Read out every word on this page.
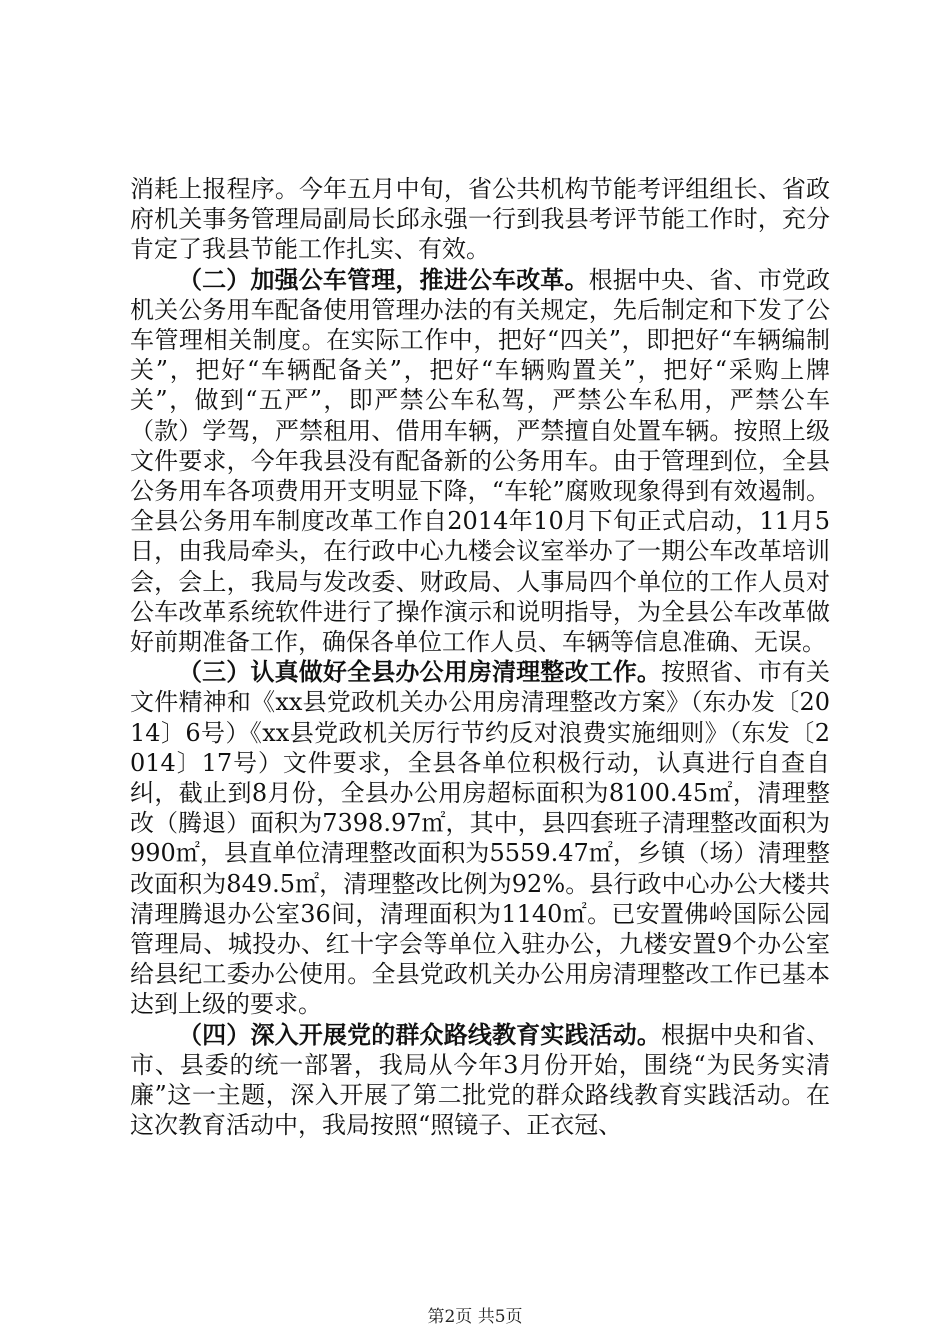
消耗上报程序。今年五月中旬，省公共机构节能考评组组长、省政府机关事务管理局副局长邱永强一行到我县考评节能工作时，充分肯定了我县节能工作扎实、有效。

（二）加强公车管理，推进公车改革。根据中央、省、市党政机关公务用车配备使用管理办法的有关规定，先后制定和下发了公车管理相关制度。在实际工作中，把好“四关”，即把好“车辆编制关”，把好“车辆配备关”，把好“车辆购置关”，把好“采购上牌关”，做到“五严”，即严禁公车私驾，严禁公车私用，严禁公车（款）学驾，严禁租用、借用车辆，严禁擅自处置车辆。按照上级文件要求，今年我县没有配备新的公务用车。由于管理到位，全县公务用车各项费用开支明显下降，“车轮”腐败现象得到有效遏制。全县公务用车制度改革工作自2014年10月下旬正式启动，11月5日，由我局牵头，在行政中心九楼会议室举办了一期公车改革培训会，会上，我局与发改委、财政局、人事局四个单位的工作人员对公车改革系统软件进行了操作演示和说明指导，为全县公车改革做好前期准备工作，确保各单位工作人员、车辆等信息准确、无误。

（三）认真做好全县办公用房清理整改工作。按照省、市有关文件精神和《xx县党政机关办公用房清理整改方案》（东办发〔2014〕6号）《xx县党政机关厉行节约反对浪费实施细则》（东发〔2014〕17号）文件要求，全县各单位积极行动，认真进行自查自纠，截止到8月份，全县办公用房超标面积为8100.45㎡，清理整改（腾退）面积为7398.97㎡，其中，县四套班子清理整改面积为990㎡，县直单位清理整改面积为5559.47㎡，乡镇（场）清理整改面积为849.5㎡，清理整改比例为92%。县行政中心办公大楼共清理腾退办公室36间，清理面积为1140㎡。已安置佛岭国际公园管理局、城投办、红十字会等单位入驻办公，九楼安置9个办公室给县纪工委办公使用。全县党政机关办公用房清理整改工作已基本达到上级的要求。

（四）深入开展党的群众路线教育实践活动。根据中央和省、市、县委的统一部署，我局从今年3月份开始，围绕“为民务实清廉”这一主题，深入开展了第二批党的群众路线教育实践活动。在这次教育活动中，我局按照“照镜子、正衣冠、

第2页 共5页
